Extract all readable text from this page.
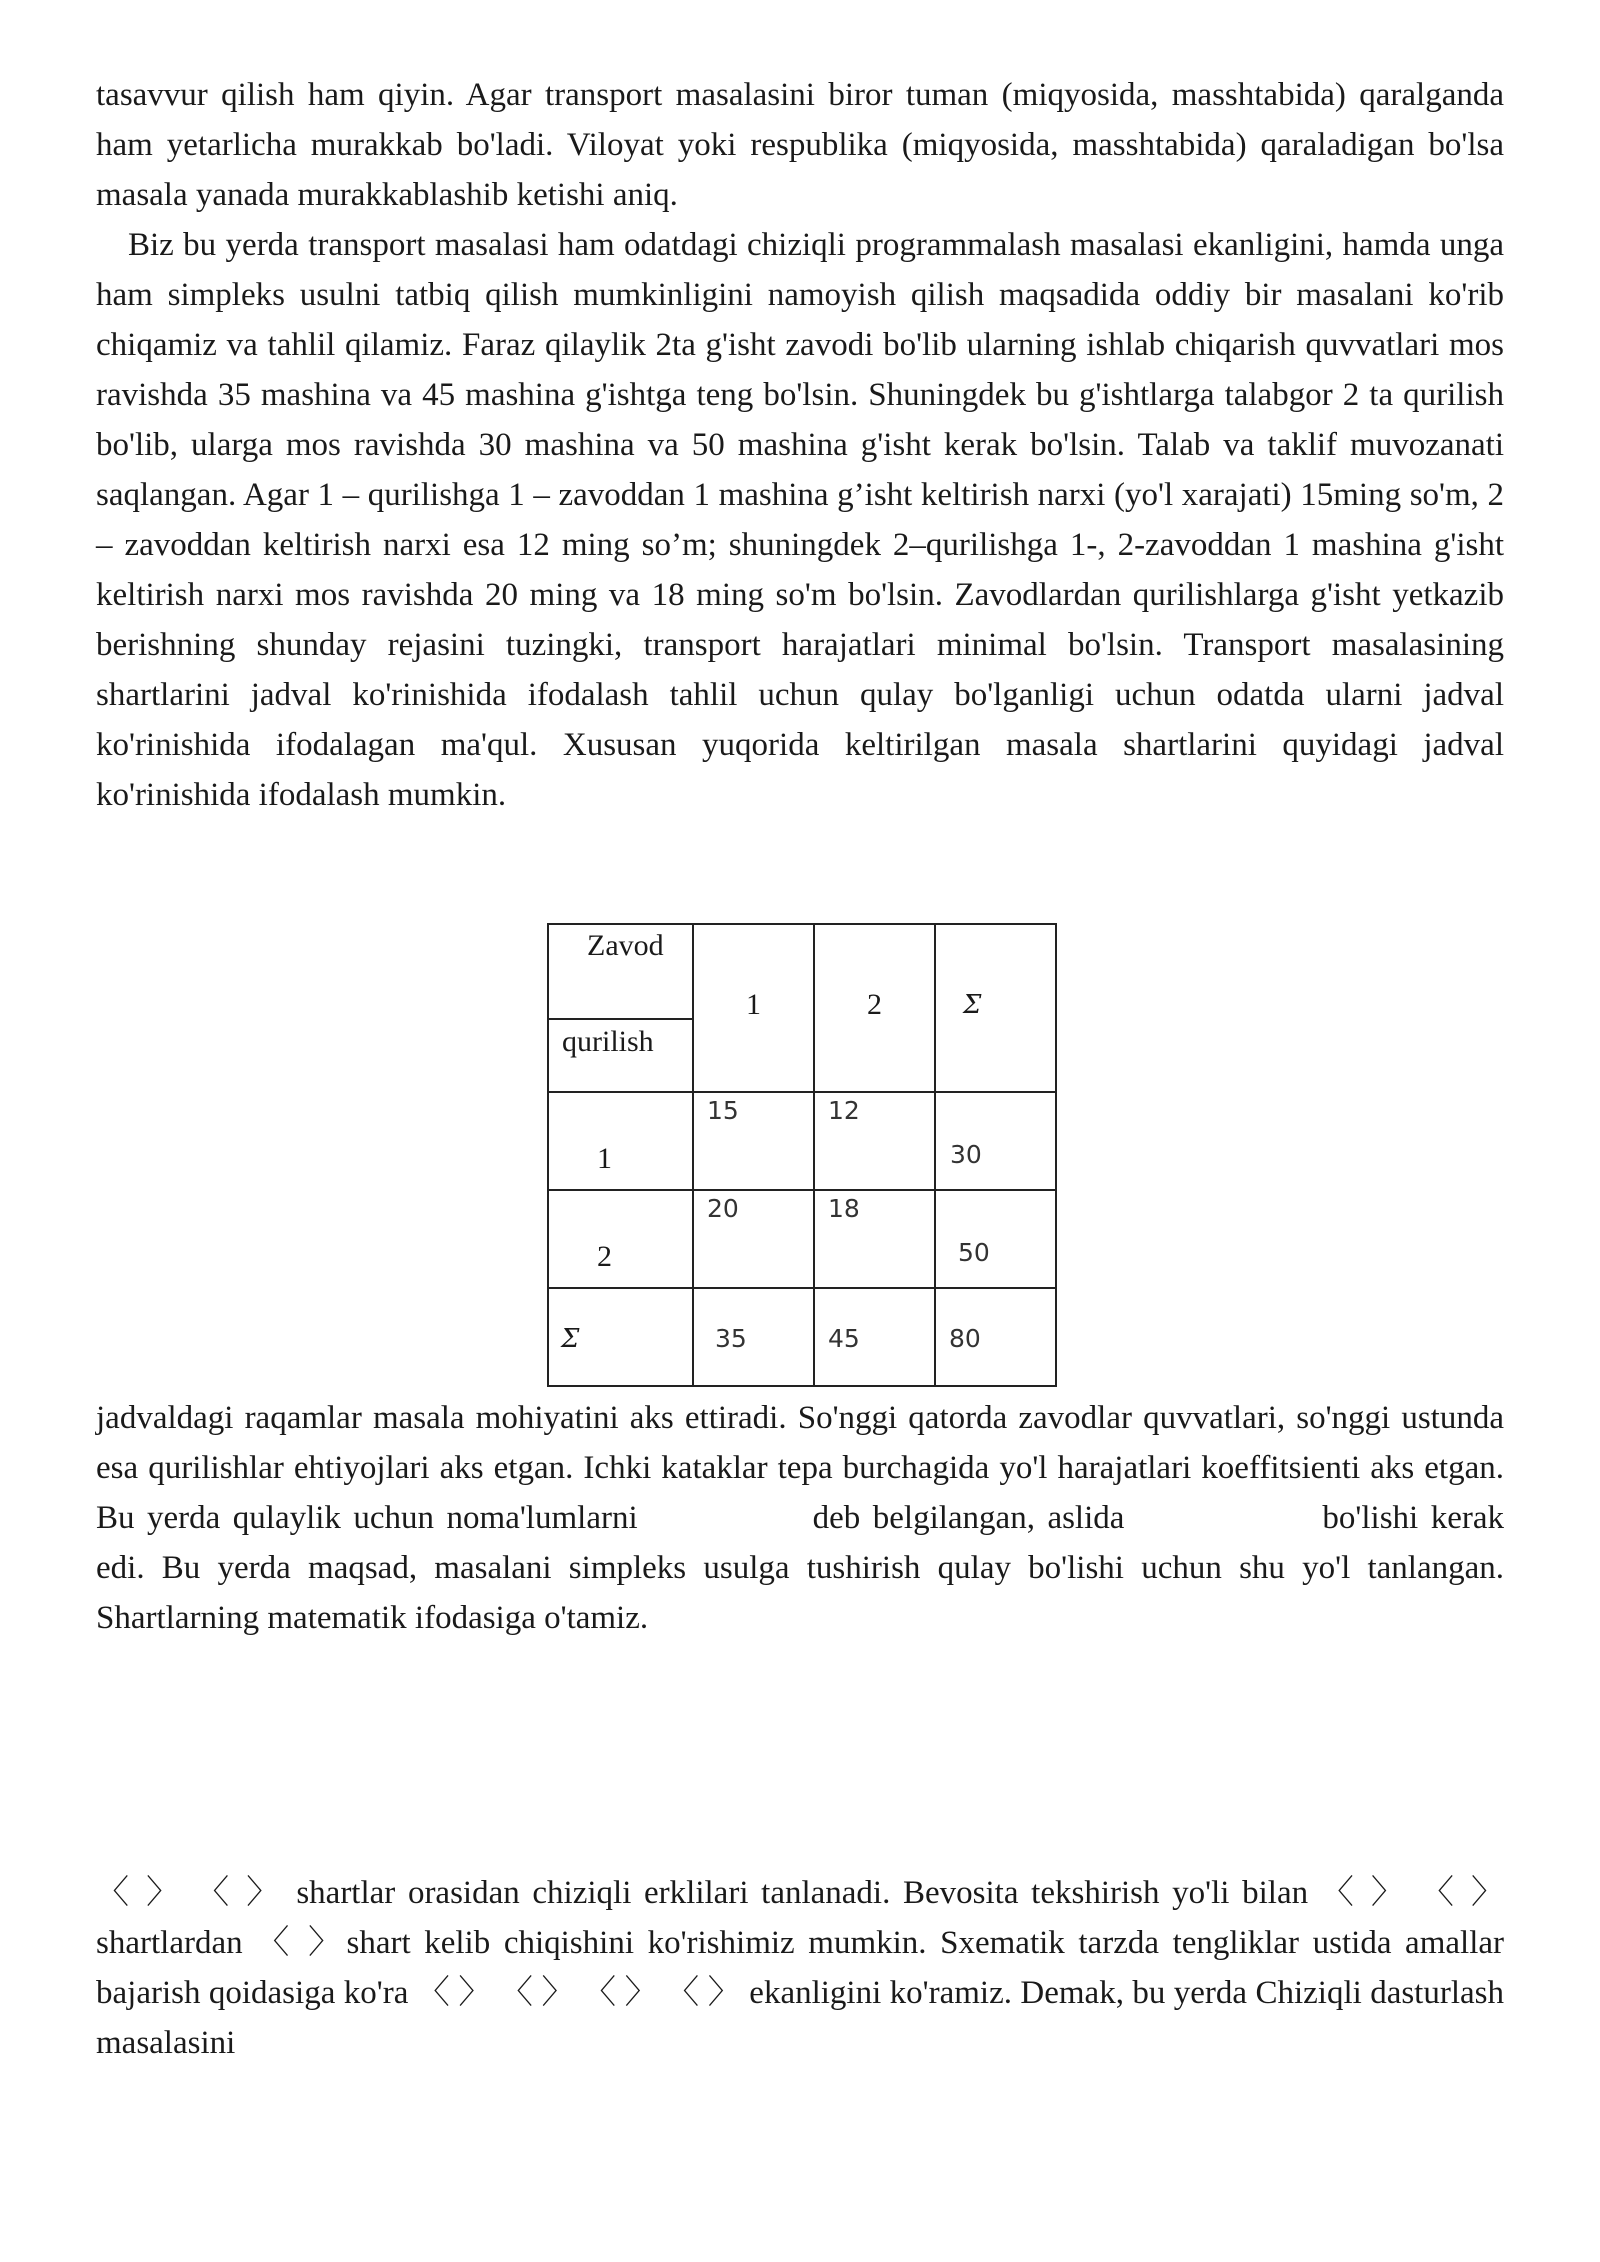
tasavvur qilish ham qiyin. Agar transport masalasini biror tuman (miqyosida, masshtabida) qaralganda ham yetarlicha murakkab bo'ladi. Viloyat yoki respublika (miqyosida, masshtabida) qaraladigan bo'lsa masala yanada murakkablashib ketishi aniq.

Biz bu yerda transport masalasi ham odatdagi chiziqli programmalash masalasi ekanligini, hamda unga ham simpleks usulni tatbiq qilish mumkinligini namoyish qilish maqsadida oddiy bir masalani ko'rib chiqamiz va tahlil qilamiz. Faraz qilaylik 2ta g'isht zavodi bo'lib ularning ishlab chiqarish quvvatlari mos ravishda 35 mashina va 45 mashina g'ishtga teng bo'lsin. Shuningdek bu g'ishtlarga talabgor 2 ta qurilish bo'lib, ularga mos ravishda 30 mashina va 50 mashina g'isht kerak bo'lsin. Talab va taklif muvozanati saqlangan. Agar 1 – qurilishga 1 – zavoddan 1 mashina g’isht keltirish narxi (yo'l xarajati) 15ming so'm, 2 – zavoddan keltirish narxi esa 12 ming so’m; shuningdek 2–qurilishga 1-, 2-zavoddan 1 mashina g'isht keltirish narxi mos ravishda 20 ming va 18 ming so'm bo'lsin. Zavodlardan qurilishlarga g'isht yetkazib berishning shunday rejasini tuzingki, transport harajatlari minimal bo'lsin. Transport masalasining shartlarini jadval ko'rinishida ifodalash tahlil uchun qulay bo'lganligi uchun odatda ularni jadval ko'rinishida ifodalagan ma'qul. Xususan yuqorida keltirilgan masala shartlarini quyidagi jadval ko'rinishida ifodalash mumkin.

Zavod
qurilish	1	2	Σ

1	15	12	30

2	20	18	50

Σ	35	45	80

jadvaldagi raqamlar masala mohiyatini aks ettiradi. So'nggi qatorda zavodlar quvvatlari, so'nggi ustunda esa qurilishlar ehtiyojlari aks etgan. Ichki kataklar tepa burchagida yo'l harajatlari koeffitsienti aks etgan. Bu yerda qulaylik uchun noma'lumlarni	deb belgilangan, aslida	bo'lishi kerak edi. Bu yerda maqsad, masalani simpleks usulga tushirish qulay bo'lishi uchun shu yo'l tanlangan. Shartlarning matematik ifodasiga o'tamiz.

〈 〉 〈 〉 shartlar orasidan chiziqli erklilari tanlanadi. Bevosita tekshirish yo'li bilan 〈 〉 〈 〉 shartlardan 〈 〉shart kelib chiqishini ko'rishimiz mumkin. Sxematik tarzda tengliklar ustida amallar bajarish qoidasiga ko'ra 〈 〉 〈 〉 〈 〉 〈 〉 ekanligini ko'ramiz. Demak, bu yerda Chiziqli dasturlash masalasini
